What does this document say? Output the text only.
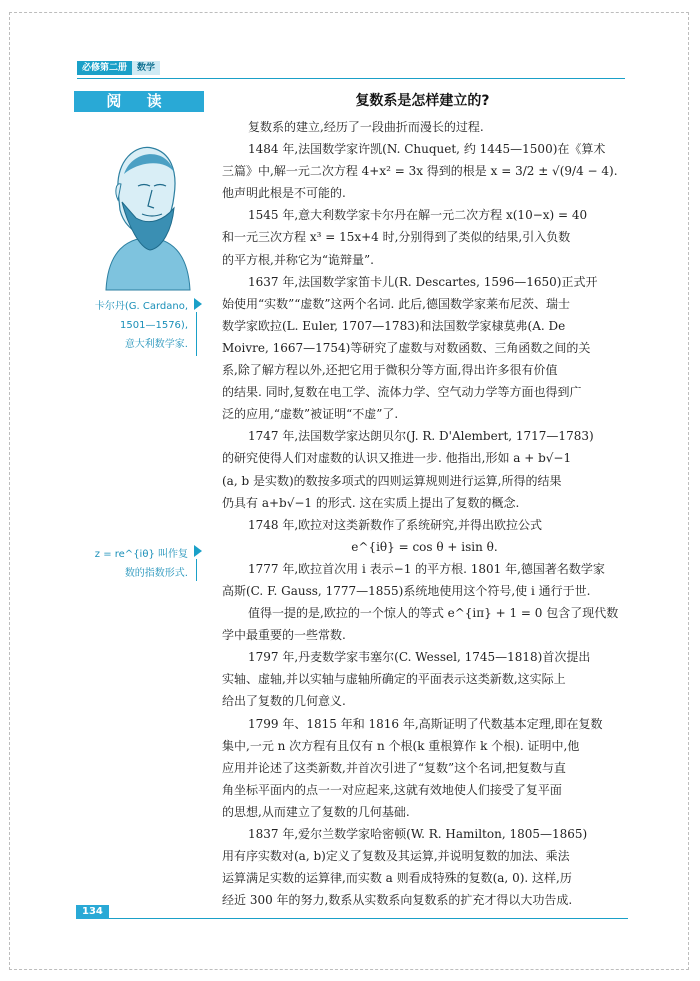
必修第二册	数学
阅 读
卡尔丹(G. Cardano,
1501—1576),
意大利数学家.
z = re^{iθ} 叫作复
数的指数形式.
复数系是怎样建立的?

复数系的建立,经历了一段曲折而漫长的过程.

1484 年,法国数学家许凯(N. Chuquet, 约 1445—1500)在《算术

三篇》中,解一元二次方程 4+x² = 3x 得到的根是 x = 3/2 ± √(9/4 − 4).

他声明此根是不可能的.

1545 年,意大利数学家卡尔丹在解一元二次方程 x(10−x) = 40

和一元三次方程 x³ = 15x+4 时,分别得到了类似的结果,引入负数

的平方根,并称它为“诡辩量”.

1637 年,法国数学家笛卡儿(R. Descartes, 1596—1650)正式开

始使用“实数”“虚数”这两个名词. 此后,德国数学家莱布尼茨、瑞士

数学家欧拉(L. Euler, 1707—1783)和法国数学家棣莫弗(A. De

Moivre, 1667—1754)等研究了虚数与对数函数、三角函数之间的关

系,除了解方程以外,还把它用于微积分等方面,得出许多很有价值

的结果. 同时,复数在电工学、流体力学、空气动力学等方面也得到广

泛的应用,“虚数”被证明“不虚”了.

1747 年,法国数学家达朗贝尔(J. R. D'Alembert, 1717—1783)

的研究使得人们对虚数的认识又推进一步. 他指出,形如 a + b√−1

(a, b 是实数)的数按多项式的四则运算规则进行运算,所得的结果

仍具有 a+b√−1 的形式. 这在实质上提出了复数的概念.

1748 年,欧拉对这类新数作了系统研究,并得出欧拉公式

e^{iθ} = cos θ + isin θ.

1777 年,欧拉首次用 i 表示−1 的平方根. 1801 年,德国著名数学家

高斯(C. F. Gauss, 1777—1855)系统地使用这个符号,使 i 通行于世.

值得一提的是,欧拉的一个惊人的等式 e^{iπ} + 1 = 0 包含了现代数

学中最重要的一些常数.

1797 年,丹麦数学家韦塞尔(C. Wessel, 1745—1818)首次提出

实轴、虚轴,并以实轴与虚轴所确定的平面表示这类新数,这实际上

给出了复数的几何意义.

1799 年、1815 年和 1816 年,高斯证明了代数基本定理,即在复数

集中,一元 n 次方程有且仅有 n 个根(k 重根算作 k 个根). 证明中,他

应用并论述了这类新数,并首次引进了“复数”这个名词,把复数与直

角坐标平面内的点一一对应起来,这就有效地使人们接受了复平面

的思想,从而建立了复数的几何基础.

1837 年,爱尔兰数学家哈密顿(W. R. Hamilton, 1805—1865)

用有序实数对(a, b)定义了复数及其运算,并说明复数的加法、乘法

运算满足实数的运算律,而实数 a 则看成特殊的复数(a, 0). 这样,历

经近 300 年的努力,数系从实数系向复数系的扩充才得以大功告成.

134
